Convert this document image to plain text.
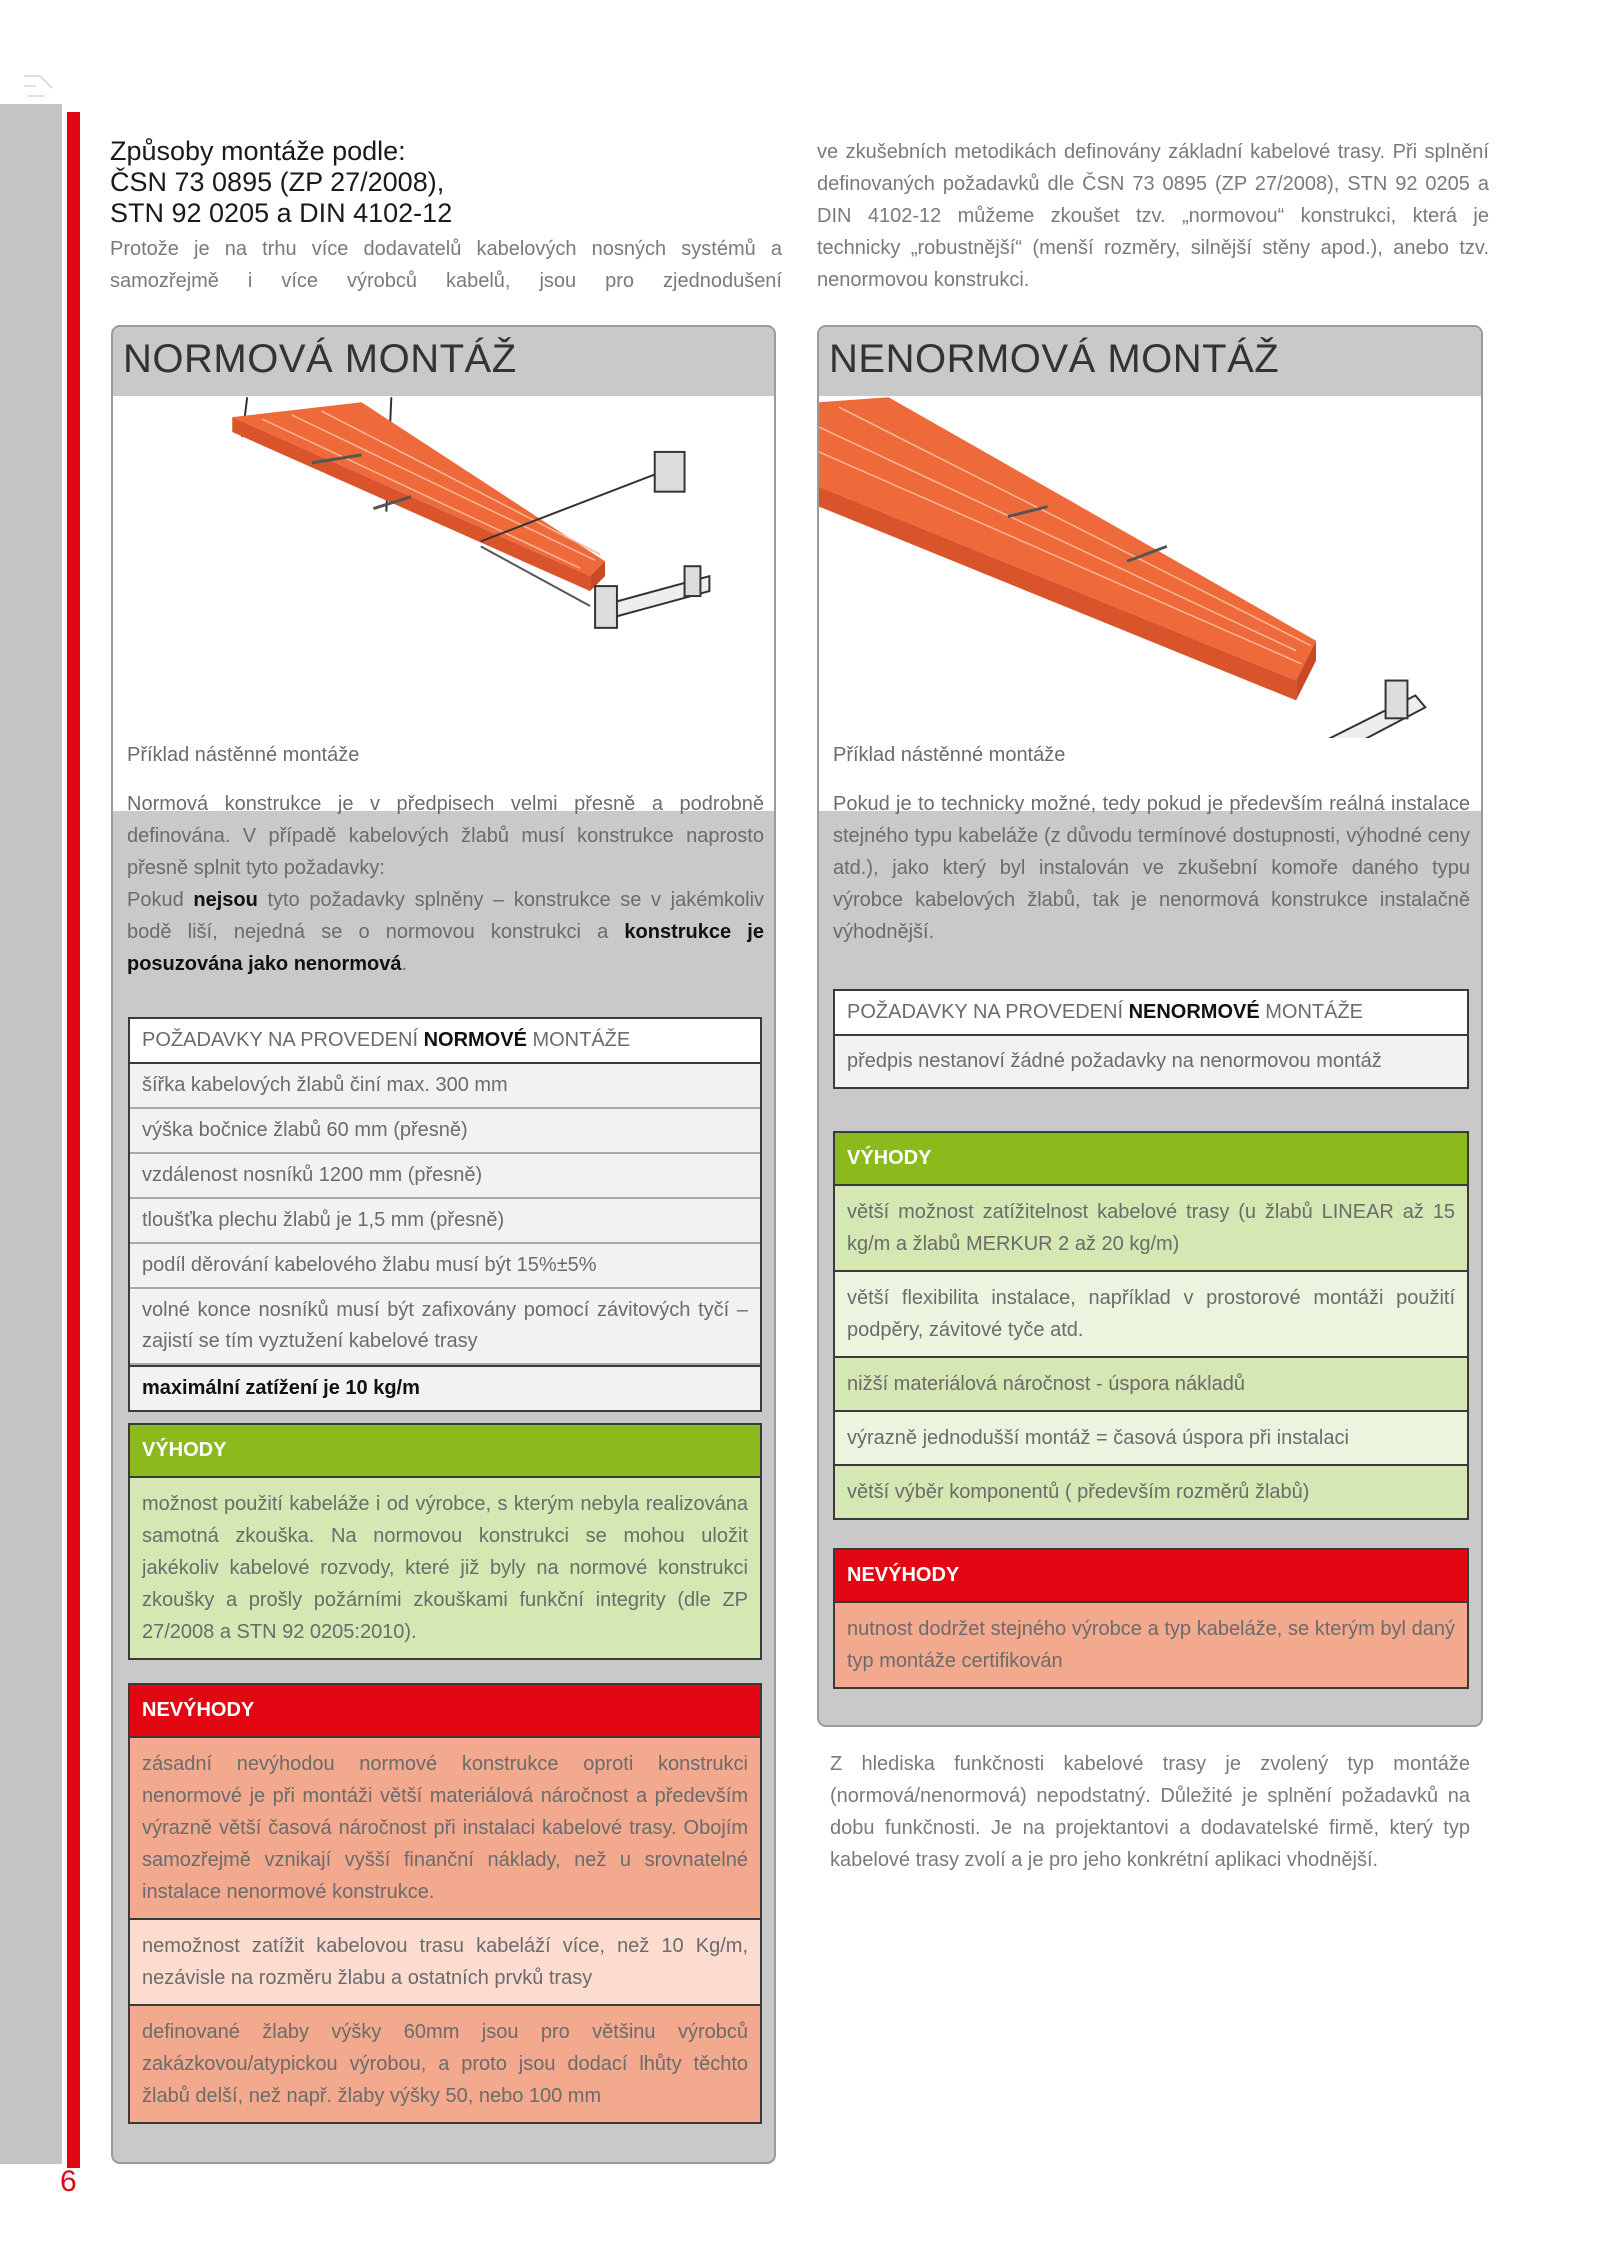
Způsoby montáže podle:
ČSN 73 0895 (ZP 27/2008),
STN 92 0205 a DIN 4102-12
Protože je na trhu více dodavatelů kabelových nosných systémů a samozřejmě i více výrobců kabelů, jsou pro zjednodušení
ve zkušebních metodikách definovány základní kabelové trasy. Při splnění definovaných požadavků dle ČSN 73 0895 (ZP 27/2008), STN 92 0205 a DIN 4102-12 můžeme zkoušet tzv. „normovou“ konstrukci, která je technicky „robustnější“ (menší rozměry, silnější stěny apod.), anebo tzv. nenormovou konstrukci.
NORMOVÁ MONTÁŽ
Příklad nástěnné montáže
Normová konstrukce je v předpisech velmi přesně a podrobně definována. V případě kabelových žlabů musí konstrukce naprosto přesně splnit tyto požadavky:
Pokud nejsou tyto požadavky splněny – konstrukce se v jakémkoliv bodě liší, nejedná se o normovou konstrukci a konstrukce je posuzována jako nenormová.
POŽADAVKY NA PROVEDENÍ NORMOVÉ MONTÁŽE
šířka kabelových žlabů činí max. 300 mm
výška bočnice žlabů 60 mm (přesně)
vzdálenost nosníků 1200 mm (přesně)
tloušťka plechu žlabů je 1,5 mm (přesně)
podíl děrování kabelového žlabu musí být 15%±5%
volné konce nosníků musí být zafixovány pomocí závitových tyčí – zajistí se tím vyztužení kabelové trasy
maximální zatížení je 10 kg/m
VÝHODY
možnost použití kabeláže i od výrobce, s kterým nebyla realizována samotná zkouška. Na normovou konstrukci se mohou uložit jakékoliv kabelové rozvody, které již byly na normové konstrukci zkoušky a prošly požárními zkouškami funkční integrity (dle ZP 27/2008 a STN 92 0205:2010).
NEVÝHODY
zásadní nevýhodou normové konstrukce oproti konstrukci nenormové je při montáži větší materiálová náročnost a především výrazně větší časová náročnost při instalaci kabelové trasy. Obojím samozřejmě vznikají vyšší finanční náklady, než u srovnatelné instalace nenormové konstrukce.
nemožnost zatížit kabelovou trasu kabeláží více, než 10 Kg/m, nezávisle na rozměru žlabu a ostatních prvků trasy
definované žlaby výšky 60mm jsou pro většinu výrobců zakázkovou/atypickou výrobou, a proto jsou dodací lhůty těchto žlabů delší, než např. žlaby výšky 50, nebo 100 mm
NENORMOVÁ MONTÁŽ
Příklad nástěnné montáže
Pokud je to technicky možné, tedy pokud je především reálná instalace stejného typu kabeláže (z důvodu termínové dostupnosti, výhodné ceny atd.), jako který byl instalován ve zkušební komoře daného typu výrobce kabelových žlabů, tak je nenormová konstrukce instalačně výhodnější.
POŽADAVKY NA PROVEDENÍ NENORMOVÉ MONTÁŽE
předpis nestanoví žádné požadavky na nenormovou montáž
VÝHODY
větší možnost zatížitelnost kabelové trasy (u žlabů LINEAR až 15 kg/m a žlabů MERKUR 2 až 20 kg/m)
větší flexibilita instalace, například v prostorové montáži použití podpěry, závitové tyče atd.
nižší materiálová náročnost - úspora nákladů
výrazně jednodušší montáž = časová úspora při instalaci
větší výběr komponentů ( především rozměrů žlabů)
NEVÝHODY
nutnost dodržet stejného výrobce a typ kabeláže, se kterým byl daný typ montáže certifikován
Z hlediska funkčnosti kabelové trasy je zvolený typ montáže (normová/nenormová) nepodstatný. Důležité je splnění požadavků na dobu funkčnosti. Je na projektantovi a dodavatelské firmě, který typ kabelové trasy zvolí a je pro jeho konkrétní aplikaci vhodnější.
6
